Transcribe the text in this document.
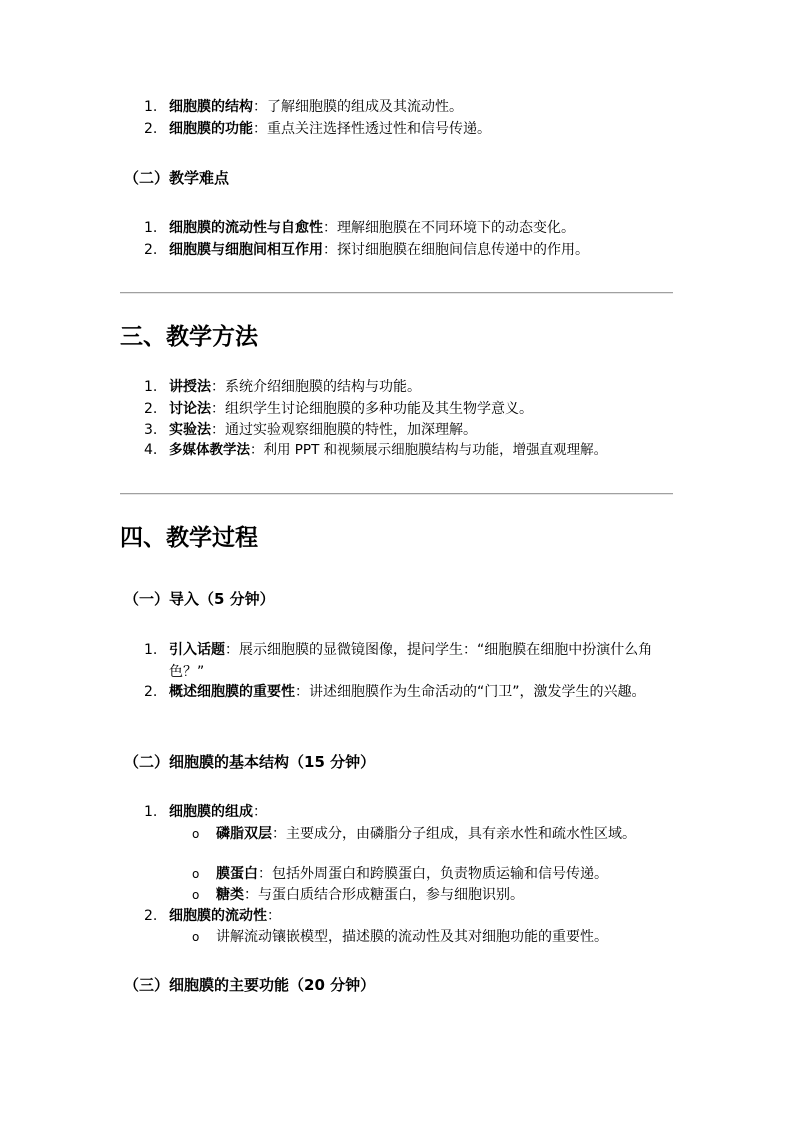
1. 细胞膜的结构：了解细胞膜的组成及其流动性。
2. 细胞膜的功能：重点关注选择性透过性和信号传递。
（二）教学难点
1. 细胞膜的流动性与自愈性：理解细胞膜在不同环境下的动态变化。
2. 细胞膜与细胞间相互作用：探讨细胞膜在细胞间信息传递中的作用。
三、教学方法
1. 讲授法：系统介绍细胞膜的结构与功能。
2. 讨论法：组织学生讨论细胞膜的多种功能及其生物学意义。
3. 实验法：通过实验观察细胞膜的特性，加深理解。
4. 多媒体教学法：利用 PPT 和视频展示细胞膜结构与功能，增强直观理解。
四、教学过程
（一）导入（5 分钟）
1. 引入话题：展示细胞膜的显微镜图像，提问学生：“细胞膜在细胞中扮演什么角色？”
2. 概述细胞膜的重要性：讲述细胞膜作为生命活动的“门卫”，激发学生的兴趣。
（二）细胞膜的基本结构（15 分钟）
1. 细胞膜的组成：
o 磷脂双层：主要成分，由磷脂分子组成，具有亲水性和疏水性区域。
o 膜蛋白：包括外周蛋白和跨膜蛋白，负责物质运输和信号传递。
o 糖类：与蛋白质结合形成糖蛋白，参与细胞识别。
2. 细胞膜的流动性：
o 讲解流动镶嵌模型，描述膜的流动性及其对细胞功能的重要性。
（三）细胞膜的主要功能（20 分钟）
